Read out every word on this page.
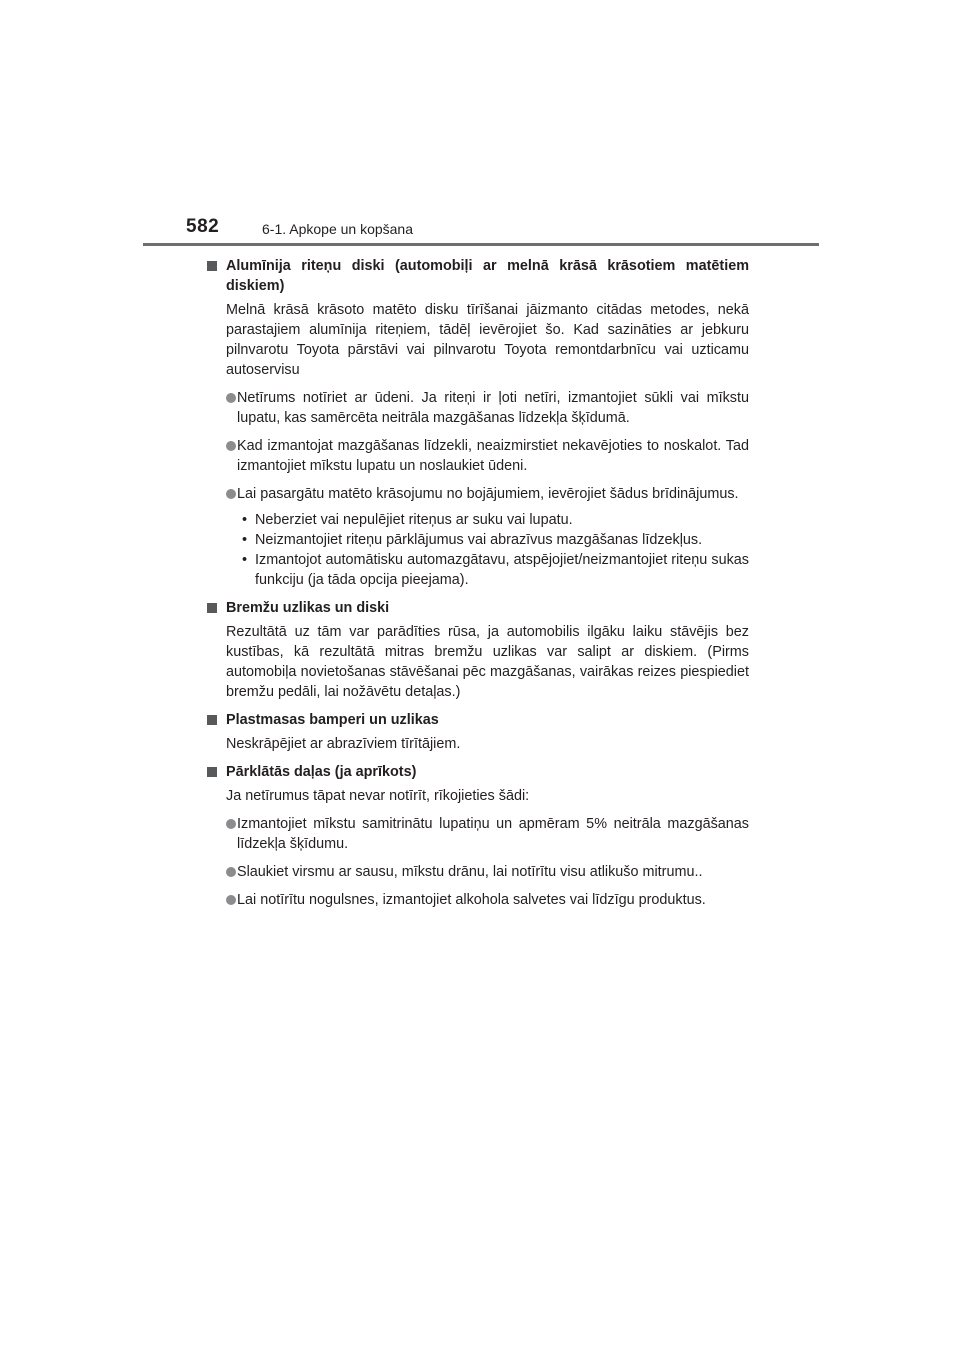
582	6-1. Apkope un kopšana
Alumīnija riteņu diski (automobiļi ar melnā krāsā krāsotiem matētiem diskiem)
Melnā krāsā krāsoto matēto disku tīrīšanai jāizmanto citādas metodes, nekā parastajiem alumīnija riteņiem, tādēļ ievērojiet šo. Kad sazināties ar jebkuru pilnvarotu Toyota pārstāvi vai pilnvarotu Toyota remontdarbnīcu vai uzticamu autoservisu
Netīrums notīriet ar ūdeni. Ja riteņi ir ļoti netīri, izmantojiet sūkli vai mīkstu lupatu, kas samērcēta neitrāla mazgāšanas līdzekļa šķīdumā.
Kad izmantojat mazgāšanas līdzekli, neaizmirstiet nekavējoties to noskalot. Tad izmantojiet mīkstu lupatu un noslaukiet ūdeni.
Lai pasargātu matēto krāsojumu no bojājumiem, ievērojiet šādus brīdinājumus.
• Neberziet vai nepulējiet riteņus ar suku vai lupatu.
• Neizmantojiet riteņu pārklājumus vai abrazīvus mazgāšanas līdzekļus.
• Izmantojot automātisku automazgātavu, atspējojiet/neizmantojiet riteņu sukas funkciju (ja tāda opcija pieejama).
Bremžu uzlikas un diski
Rezultātā uz tām var parādīties rūsa, ja automobilis ilgāku laiku stāvējis bez kustības, kā rezultātā mitras bremžu uzlikas var salipt ar diskiem. (Pirms automobiļa novietošanas stāvēšanai pēc mazgāšanas, vairākas reizes piespiediet bremžu pedāli, lai nožāvētu detaļas.)
Plastmasas bamperi un uzlikas
Neskrāpējiet ar abrazīviem tīrītājiem.
Pārklātās daļas (ja aprīkots)
Ja netīrumus tāpat nevar notīrīt, rīkojieties šādi:
Izmantojiet mīkstu samitrinātu lupatiņu un apmēram 5% neitrāla mazgāšanas līdzekļa šķīdumu.
Slaukiet virsmu ar sausu, mīkstu drānu, lai notīrītu visu atlikušo mitrumu..
Lai notīrītu nogulsnes, izmantojiet alkohola salvetes vai līdzīgu produktus.
